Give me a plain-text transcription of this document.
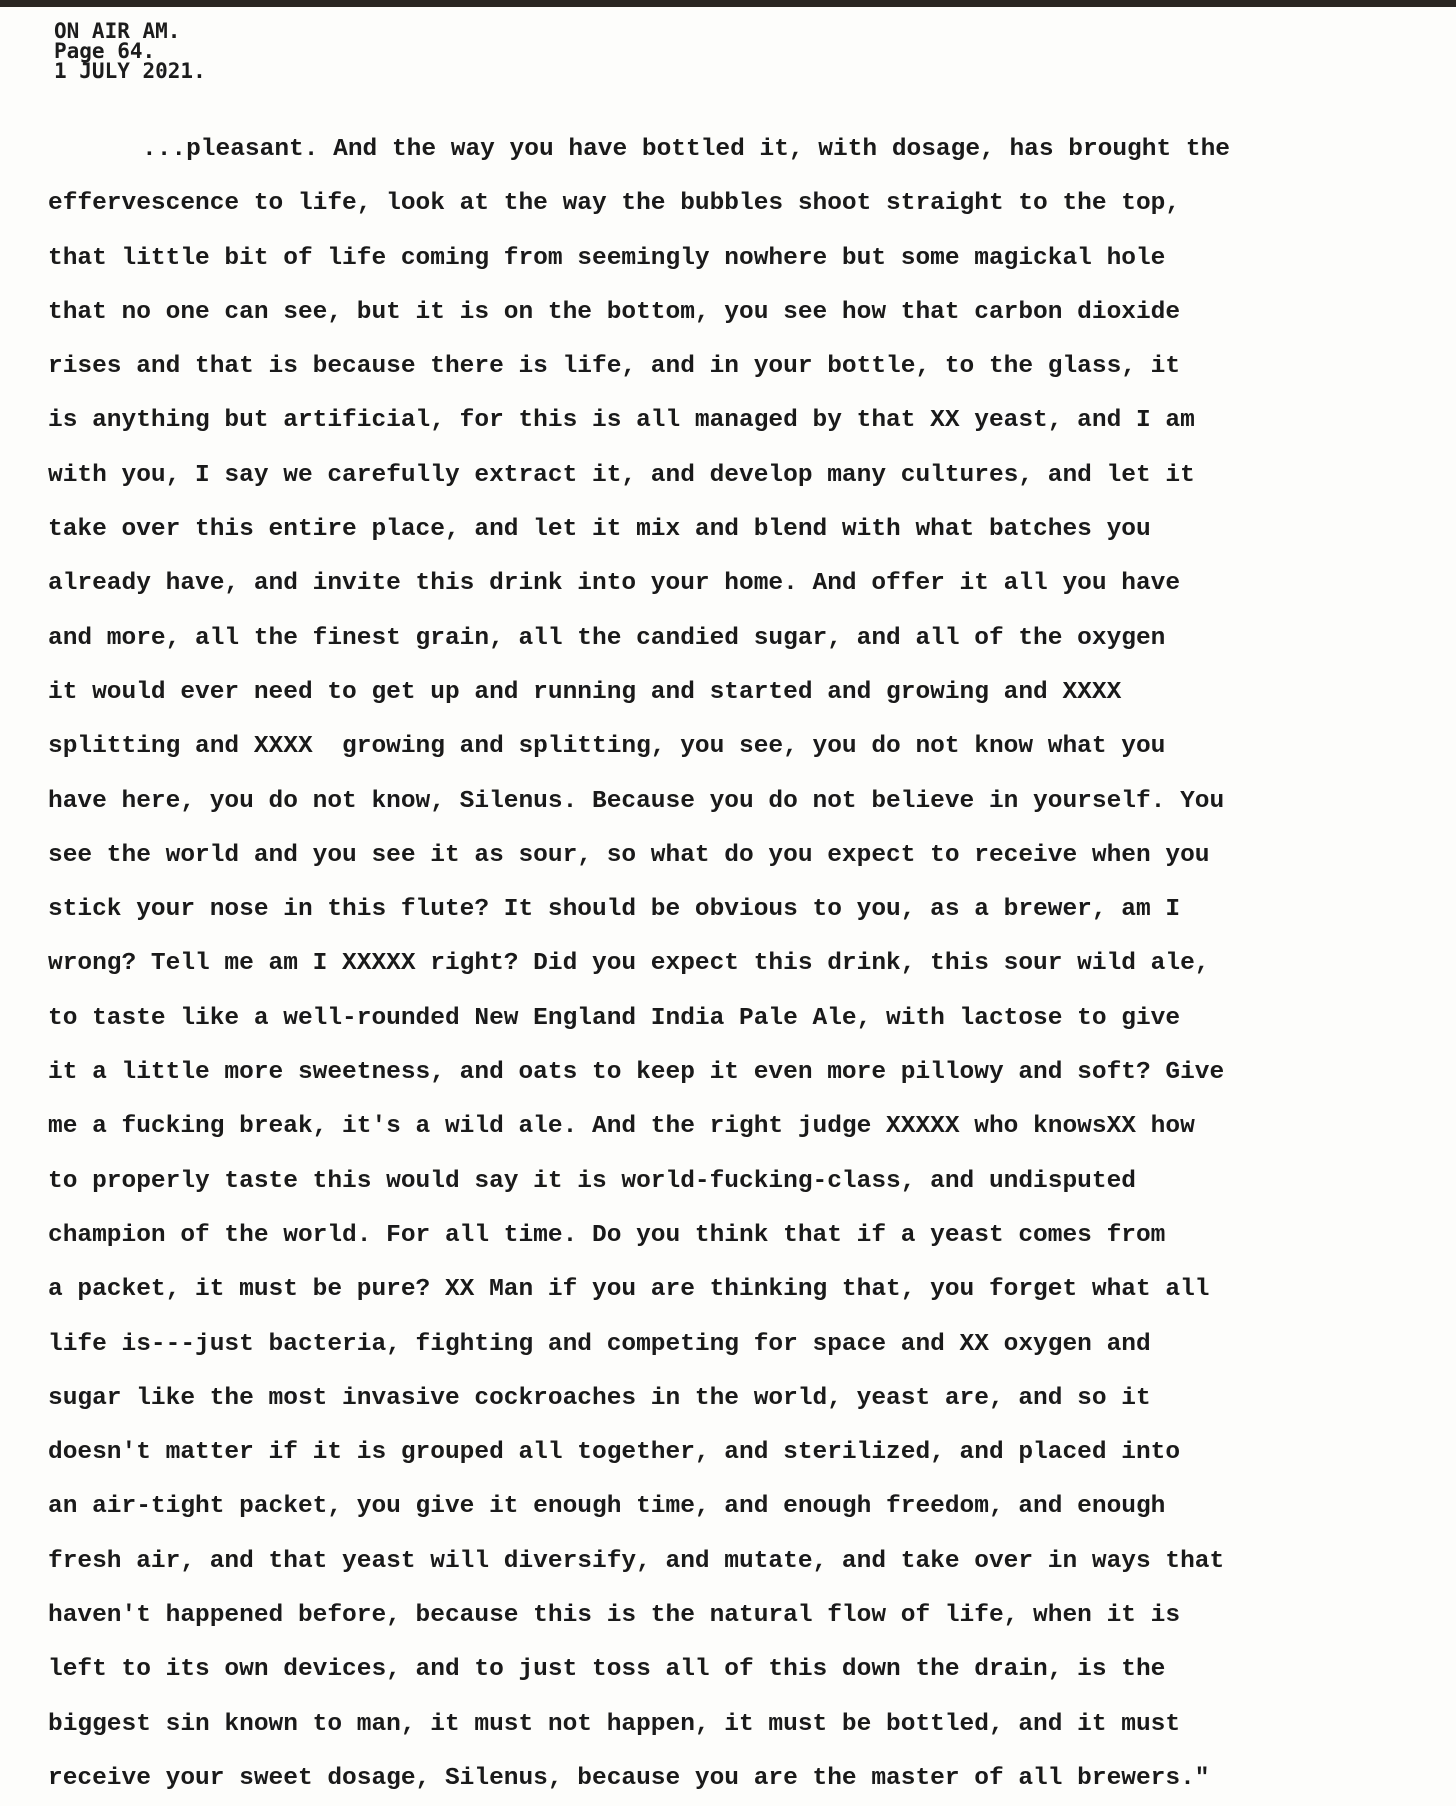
ON AIR AM.
Page 64.
1 JULY 2021.
...pleasant. And the way you have bottled it, with dosage, has brought the
effervescence to life, look at the way the bubbles shoot straight to the top,
that little bit of life coming from seemingly nowhere but some magickal hole
that no one can see, but it is on the bottom, you see how that carbon dioxide
rises and that is because there is life, and in your bottle, to the glass, it
is anything but artificial, for this is all managed by that XX yeast, and I am
with you, I say we carefully extract it, and develop many cultures, and let it
take over this entire place, and let it mix and blend with what batches you
already have, and invite this drink into your home. And offer it all you have
and more, all the finest grain, all the candied sugar, and all of the oxygen
it would ever need to get up and running and started and growing and XXXX
splitting and XXXX  growing and splitting, you see, you do not know what you
have here, you do not know, Silenus. Because you do not believe in yourself. You
see the world and you see it as sour, so what do you expect to receive when you
stick your nose in this flute? It should be obvious to you, as a brewer, am I
wrong? Tell me am I XXXXX right? Did you expect this drink, this sour wild ale,
to taste like a well-rounded New England India Pale Ale, with lactose to give
it a little more sweetness, and oats to keep it even more pillowy and soft? Give
me a fucking break, it's a wild ale. And the right judge XXXXX who knowsXX how
to properly taste this would say it is world-fucking-class, and undisputed
champion of the world. For all time. Do you think that if a yeast comes from
a packet, it must be pure? XX Man if you are thinking that, you forget what all
life is---just bacteria, fighting and competing for space and XX oxygen and
sugar like the most invasive cockroaches in the world, yeast are, and so it
doesn't matter if it is grouped all together, and sterilized, and placed into
an air-tight packet, you give it enough time, and enough freedom, and enough
fresh air, and that yeast will diversify, and mutate, and take over in ways that
haven't happened before, because this is the natural flow of life, when it is
left to its own devices, and to just toss all of this down the drain, is the
biggest sin known to man, it must not happen, it must be bottled, and it must
receive your sweet dosage, Silenus, because you are the master of all brewers."
